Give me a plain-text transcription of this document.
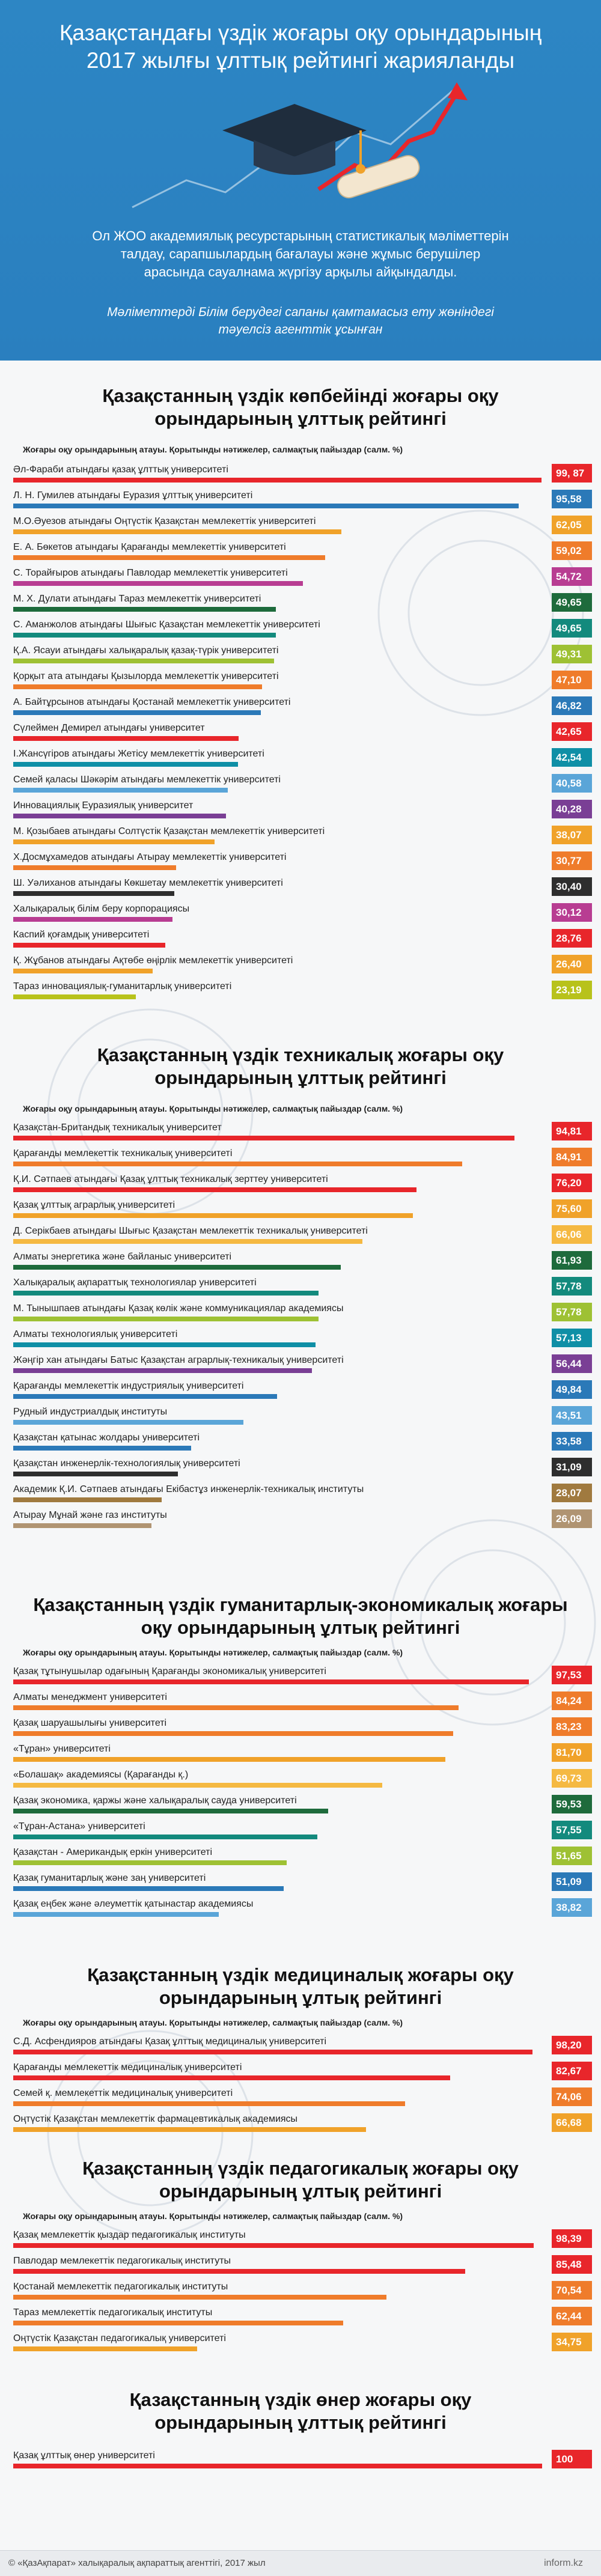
Қазақстандағы үздік жоғары оқу орындарының
2017 жылғы ұлттық рейтингі жарияланды
Ол ЖОО академиялық ресурстарының статистикалық мәліметтерін
талдау, сарапшылардың бағалауы және жұмыс берушілер
арасында сауалнама жүргізу арқылы айқындалды.
Мәліметтерді Білім берудегі сапаны қамтамасыз ету жөніндегі
тәуелсіз агенттік ұсынған
Қазақстанның үздік көпбейінді жоғары оқу
орындарының ұлттық рейтингі
Жоғары оқу орындарының атауы. Қорытынды нәтижелер, салмақтық пайыздар (салм. %)
Әл-Фараби атындағы қазақ ұлттық университеті	99, 87
Л. Н. Гумилев атындағы Еуразия ұлттық университеті	95,58
М.О.Әуезов атындағы Оңтүстік Қазақстан мемлекеттік университеті	62,05
Е. А. Бөкетов атындағы Қарағанды мемлекеттік университеті	59,02
С. Торайғыров атындағы Павлодар мемлекеттік университеті	54,72
М. Х. Дулати атындағы Тараз мемлекеттік университеті	49,65
С. Аманжолов атындағы Шығыс Қазақстан мемлекеттік университеті	49,65
Қ.А. Ясауи атындағы халықаралық қазақ-түрік университеті	49,31
Қорқыт ата атындағы Қызылорда мемлекеттік университеті	47,10
А. Байтұрсынов атындағы Қостанай мемлекеттік университеті	46,82
Сүлеймен Демирел атындағы университет	42,65
І.Жансүгіров атындағы Жетісу мемлекеттік университеті	42,54
Семей қаласы Шәкәрім атындағы мемлекеттік университеті	40,58
Инновациялық Еуразиялық университет	40,28
М. Қозыбаев атындағы Солтүстік Қазақстан мемлекеттік университеті	38,07
Х.Досмұхамедов атындағы Атырау мемлекеттік университеті	30,77
Ш. Уәлиханов атындағы Көкшетау мемлекеттік университеті	30,40
Халықаралық білім беру корпорациясы	30,12
Каспий қоғамдық университеті	28,76
Қ. Жұбанов атындағы Ақтөбе өңірлік мемлекеттік университеті	26,40
Тараз инновациялық-гуманитарлық университеті	23,19
Қазақстанның үздік техникалық жоғары оқу
орындарының ұлттық рейтингі
Жоғары оқу орындарының атауы. Қорытынды нәтижелер, салмақтық пайыздар (салм. %)
Қазақстан-Британдық техникалық университет	94,81
Қарағанды мемлекеттік техникалық университеті	84,91
Қ.И. Сәтпаев атындағы Қазақ ұлттық техникалық зерттеу университеті	76,20
Қазақ ұлттық аграрлық университеті	75,60
Д. Серікбаев атындағы Шығыс Қазақстан мемлекеттік техникалық университеті	66,06
Алматы энергетика және байланыс университеті	61,93
Халықаралық ақпараттық технологиялар университеті	57,78
М. Тынышпаев атындағы Қазақ көлік және коммуникациялар академиясы	57,78
Алматы технологиялық университеті	57,13
Жәңгір хан атындағы Батыс Қазақстан аграрлық-техникалық университеті	56,44
Қарағанды мемлекеттік индустриялық университеті	49,84
Рудный индустриалдық институты	43,51
Қазақстан қатынас жолдары университеті	33,58
Қазақстан инженерлік-технологиялық университеті	31,09
Академик Қ.И. Сәтпаев атындағы Екібастұз инженерлік-техникалық институты	28,07
Атырау Мұнай және газ институты	26,09
Қазақстанның үздік гуманитарлық-экономикалық жоғары
оқу орындарының ұлтық рейтингі
Жоғары оқу орындарының атауы. Қорытынды нәтижелер, салмақтық пайыздар (салм. %)
Қазақ тұтынушылар одағының Қарағанды экономикалық университеті	97,53
Алматы менеджмент университеті	84,24
Қазақ шаруашылығы университеті	83,23
«Тұран» университеті	81,70
«Болашақ» академиясы (Қарағанды қ.)	69,73
Қазақ экономика, қаржы және халықаралық сауда университеті	59,53
«Тұран-Астана» университеті	57,55
Қазақстан - Американдық еркін университеті	51,65
Қазақ гуманитарлық және заң университеті	51,09
Қазақ еңбек және әлеуметтік қатынастар академиясы	38,82
Қазақстанның үздік медициналық жоғары оқу
орындарының ұлтық рейтингі
Жоғары оқу орындарының атауы. Қорытынды нәтижелер, салмақтық пайыздар (салм. %)
С.Д. Асфендияров атындағы Қазақ ұлттық медициналық университеті	98,20
Қарағанды мемлекеттік медициналық университеті	82,67
Семей қ. мемлекеттік медициналық университеті	74,06
Оңтүстік Қазақстан мемлекеттік фармацевтикалық академиясы	66,68
Қазақстанның үздік педагогикалық жоғары оқу
орындарының ұлтық рейтингі
Жоғары оқу орындарының атауы. Қорытынды нәтижелер, салмақтық пайыздар (салм. %)
Қазақ мемлекеттік қыздар педагогикалық институты	98,39
Павлодар мемлекеттік педагогикалық институты	85,48
Қостанай мемлекеттік педагогикалық институты	70,54
Тараз мемлекеттік педагогикалық институты	62,44
Оңтүстік Қазақстан педагогикалық университеті	34,75
Қазақстанның үздік өнер жоғары оқу
орындарының ұлттық рейтингі
Қазақ ұлттық өнер университеті	100
© «ҚазАқпарат» халықаралық ақпараттық агенттігі, 2017 жыл	inform.kz
